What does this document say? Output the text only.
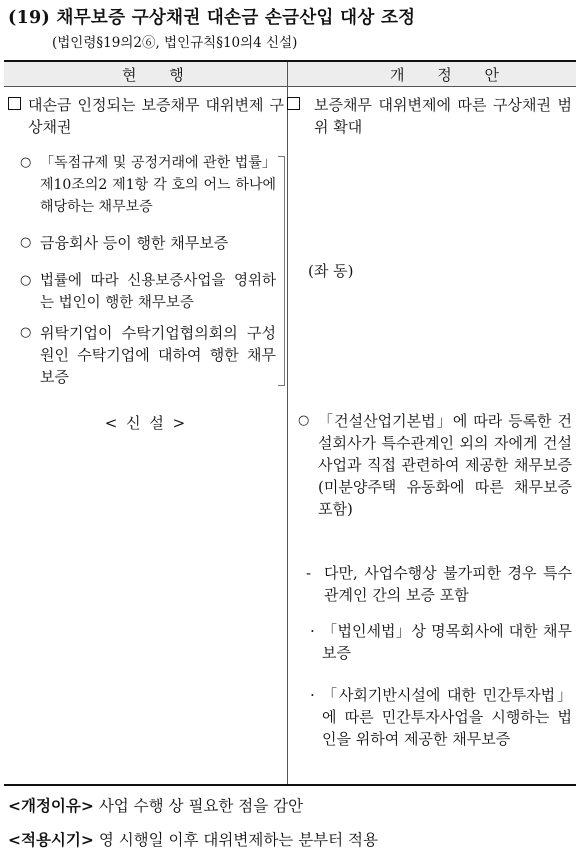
(19) 채무보증 구상채권 대손금 손금산입 대상 조정
(법인령§19의2⑥, 법인규칙§10의4 신설)
현 행	개 정 안
대손금 인정되는 보증채무 대위변제 구상채권
○ 「독점규제 및 공정거래에 관한 법률」 제10조의2 제1항 각 호의 어느 하나에 해당하는 채무보증
○ 금융회사 등이 행한 채무보증
○ 법률에 따라 신용보증사업을 영위하는 법인이 행한 채무보증
○ 위탁기업이 수탁기업협의회의 구성원인 수탁기업에 대하여 행한 채무보증
< 신 설 >
보증채무 대위변제에 따른 구상채권 범위 확대
(좌 동)
○ 「건설산업기본법」에 따라 등록한 건설회사가 특수관계인 외의 자에게 건설사업과 직접 관련하여 제공한 채무보증(미분양주택 유동화에 따른 채무보증 포함)
- 다만, 사업수행상 불가피한 경우 특수관계인 간의 보증 포함
· 「법인세법」상 명목회사에 대한 채무보증
· 「사회기반시설에 대한 민간투자법」에 따른 민간투자사업을 시행하는 법인을 위하여 제공한 채무보증
<개정이유> 사업 수행 상 필요한 점을 감안
<적용시기> 영 시행일 이후 대위변제하는 분부터 적용
